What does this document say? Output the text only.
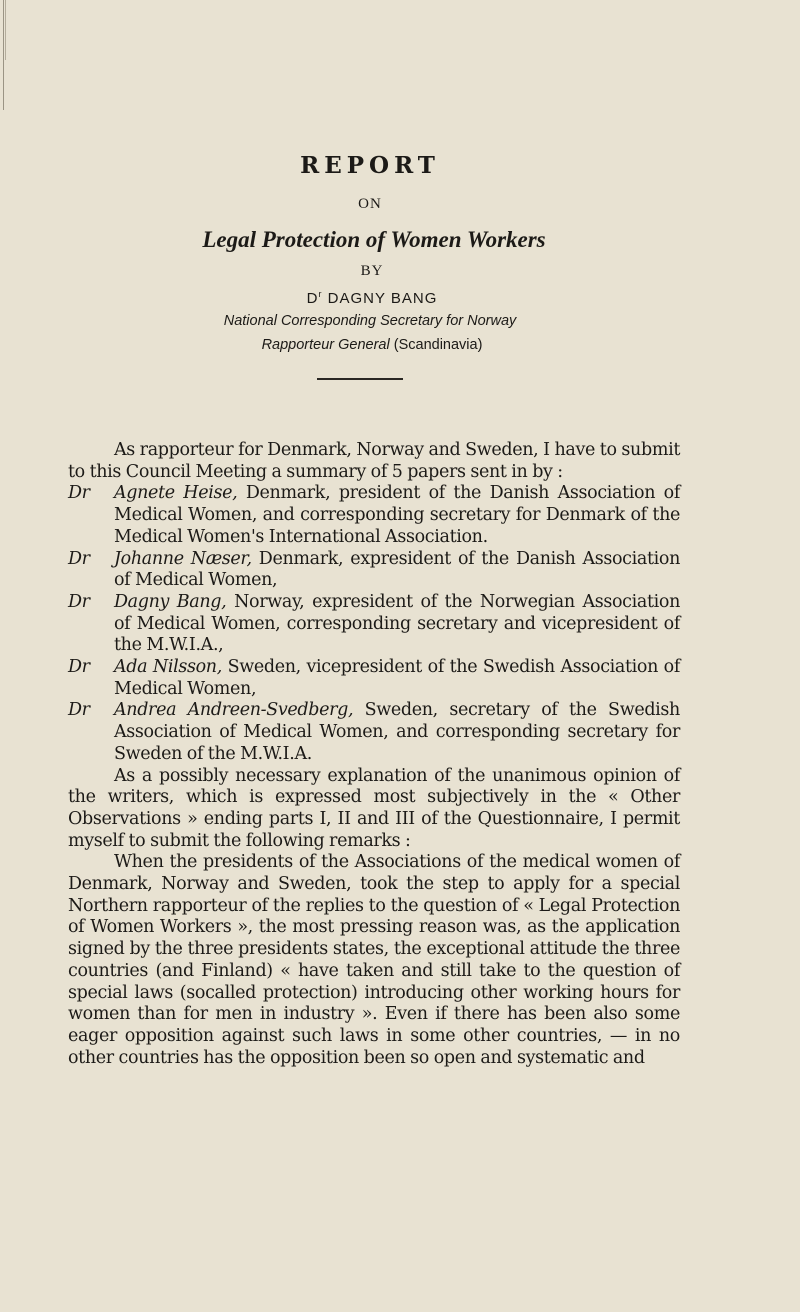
REPORT
ON
Legal Protection of Women Workers
BY
$D^r$ DAGNY BANG
National Corresponding Secretary for Norway
Rapporteur General (Scandinavia)

As rapporteur for Denmark, Norway and Sweden, I have to submit to this Council Meeting a summary of 5 papers sent in by :

Dr Agnete Heise, Denmark, president of the Danish Association of Medical Women, and corresponding secretary for Denmark of the Medical Women's International Association.

Dr Johanne Næser, Denmark, expresident of the Danish Association of Medical Women,

Dr Dagny Bang, Norway, expresident of the Norwegian Association of Medical Women, corresponding secretary and vicepresident of the M.W.I.A.,

Dr Ada Nilsson, Sweden, vicepresident of the Swedish Association of Medical Women,

Dr Andrea Andreen-Svedberg, Sweden, secretary of the Swedish Association of Medical Women, and corresponding secretary for Sweden of the M.W.I.A.

As a possibly necessary explanation of the unanimous opinion of the writers, which is expressed most subjectively in the « Other Observations » ending parts I, II and III of the Questionnaire, I permit myself to submit the following remarks :

When the presidents of the Associations of the medical women of Denmark, Norway and Sweden, took the step to apply for a special Northern rapporteur of the replies to the question of « Legal Protection of Women Workers », the most pressing reason was, as the application signed by the three presidents states, the exceptional attitude the three countries (and Finland) « have taken and still take to the question of special laws (socalled protection) introducing other working hours for women than for men in industry ». Even if there has been also some eager opposition against such laws in some other countries, — in no other countries has the opposition been so open and systematic and
